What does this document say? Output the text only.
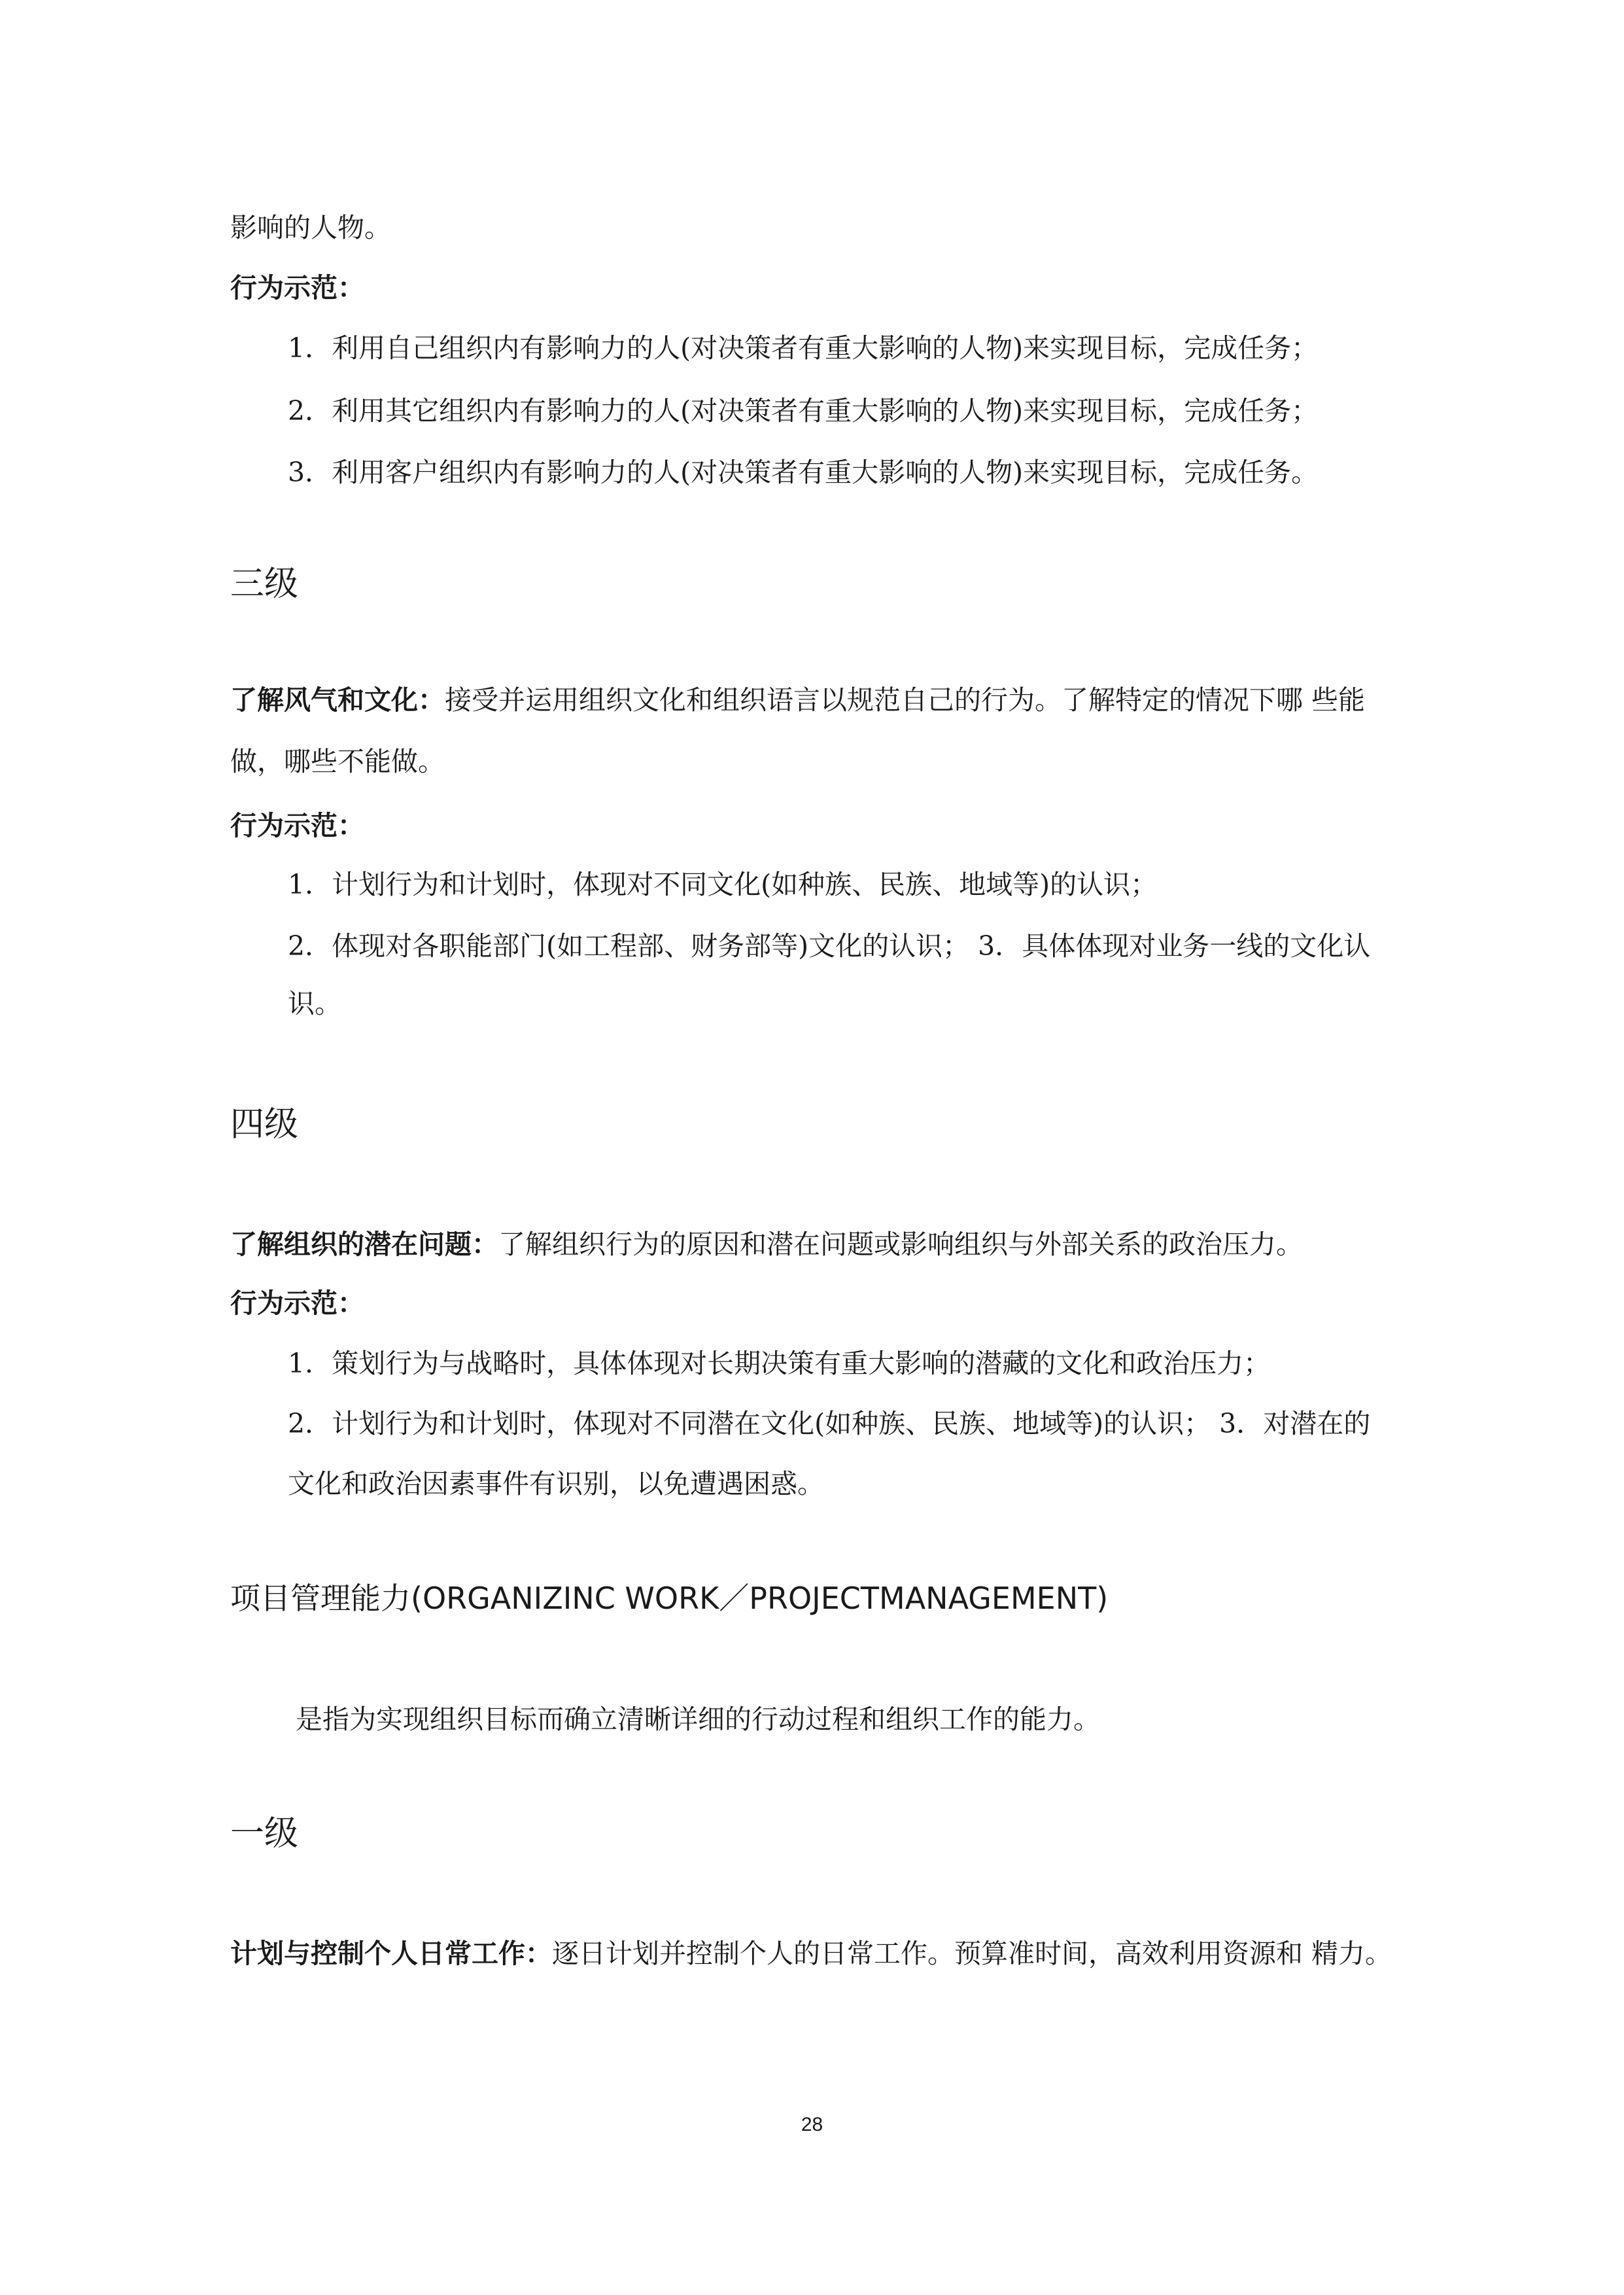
影响的人物。
行为示范：
1．利用自己组织内有影响力的人(对决策者有重大影响的人物)来实现目标，完成任务；
2．利用其它组织内有影响力的人(对决策者有重大影响的人物)来实现目标，完成任务；
3．利用客户组织内有影响力的人(对决策者有重大影响的人物)来实现目标，完成任务。
三级
了解风气和文化：接受并运用组织文化和组织语言以规范自己的行为。了解特定的情况下哪 些能
做，哪些不能做。
行为示范：
1．计划行为和计划时，体现对不同文化(如种族、民族、地域等)的认识；
2．体现对各职能部门(如工程部、财务部等)文化的认识； 3．具体体现对业务一线的文化认
识。
四级
了解组织的潜在问题：了解组织行为的原因和潜在问题或影响组织与外部关系的政治压力。
行为示范：
1．策划行为与战略时，具体体现对长期决策有重大影响的潜藏的文化和政治压力；
2．计划行为和计划时，体现对不同潜在文化(如种族、民族、地域等)的认识； 3．对潜在的
文化和政治因素事件有识别，以免遭遇困惑。
项目管理能力(ORGANIZINC WORK／PROJECTMANAGEMENT)
是指为实现组织目标而确立清晰详细的行动过程和组织工作的能力。
一级
计划与控制个人日常工作：逐日计划并控制个人的日常工作。预算准时间，高效利用资源和 精力。
28
